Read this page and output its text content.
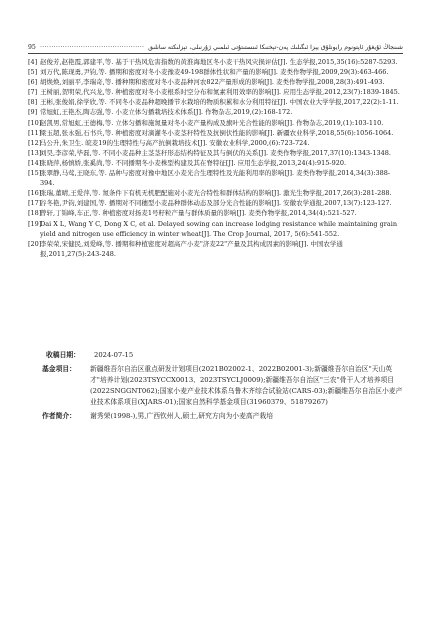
95 ·············································· شىنجاڭ ئۇيغۇر ئاپتونوم رايونلۇق يېزا ئىگىلىك پەن-تېخنىكا ئىنستىتۇتى ئىلمىي ژۇرنىلى، تېزلىكتە سانلىق

[4] 赵俊芳,赵艳霞,郭建平,等. 基于干热风危害指数的黄淮海地区冬小麦干热风灾损评估[J]. 生态学报,2015,35(16):5287-5293.

[5] 刘万代,陈现勇,尹钧,等. 播期和密度对冬小麦豫麦49-198群体性状和产量的影响[J]. 麦类作物学报,2009,29(3):463-466.

[6] 胡焕焕,刘丽平,李瑞奇,等. 播种期和密度对冬小麦品种河农822产量形成的影响[J]. 麦类作物学报,2008,28(3):491-493.

[7] 王树丽,贺明荣,代兴龙,等. 种植密度对冬小麦根系时空分布和氮素利用效率的影响[J]. 应用生态学报,2012,23(7):1839-1845.

[8] 王彬,张俊娟,徐学欣,等. 不同冬小麦品种超晚播节水栽培的物质积累和水分利用特征[J]. 中国农业大学学报,2017,22(2):1-11.

[9] 常旭虹,王艳杰,陶志强,等. 小麦立体匀播栽培技术体系[J]. 作物杂志,2019,(2):168-172.

[10]
赵凯男,常旭虹,王德梅,等. 立体匀播和施氮量对冬小麦产量构成及旗叶光合性能的影响[J]. 作物杂志,2019,(1):103-110.

[11]
梁玉超,张永强,石书兵,等. 种植密度对滴灌冬小麦茎秆特性及抗倒伏性能的影响[J]. 新疆农业科学,2018,55(6):1056-1064.

[12]
马公升,朱卫生. 皖麦19的生理特性与高产抗倒栽培技术[J]. 安徽农业科学,2000,(6):723-724.

[13]
刘昊,李彦荣,毕磊,等. 不同小麦品种主茎茎秆形态结构特征及其与倒伏的关系[J]. 麦类作物学报,2017,37(10):1343-1348.

[14]
张晓萍,杨慎娇,张奚尚,等. 不同播期冬小麦株型构建及其在脊特征[J]. 应用生态学报,2013,24(4):915-920.

[15]
张翠静,马莺,王晓东,等. 品种与密度对豫中地区小麦光合生理特性及光能利用率的影响[J]. 麦类作物学报,2014,34(3):388-394.

[16]
张瑞,董晴,王爱萍,等. 氮条件下有机无机肥配施对小麦光合特性和群体结构的影响[J]. 激光生物学报,2017,26(3):281-288.

[17]
谷冬艳,尹钧,刘建国,等. 播期对不同穗型小麦品种群体动态及部分光合性能的影响[J]. 安徽农学通报,2007,13(7):123-127.

[18]
曾轩,丁锦峰,车正,等. 种植密度对扬麦1号籽粒产量与群体质量的影响[J]. 麦类作物学报,2014,34(4):521-527.

[19]
Dai X L, Wang Y C, Dong X C, et al. Delayed sowing can increase lodging resistance while maintaining grain yield and nitrogen use efficiency in winter wheat[J]. The Crop Journal, 2017, 5(6):541-552.

[20]
李荣荣,宋健民,刘爱峰,等. 播期和种植密度对超高产小麦"济麦22"产量及其构成因素的影响[J]. 中国农学通报,2011,27(5):243-248.

收稿日期：	2024-07-15
基金项目：	新疆维吾尔自治区重点研发计划项目(2021B02002-1、2022B02001-3);新疆维吾尔自治区"天山英才"培养计划(2023TSYCCX0013、2023TSYCLJ0009);新疆维吾尔自治区"三农"骨干人才培养项目(2022SNGGNT062);国家小麦产业技术体系乌鲁木齐综合试验站(CARS-03);新疆维吾尔自治区小麦产业技术体系项目(XJARS-01);国家自然科学基金项目(31960379、51879267)
作者简介：	谢秀荣(1998-),男,广西钦州人,硕士,研究方向为小麦高产栽培
